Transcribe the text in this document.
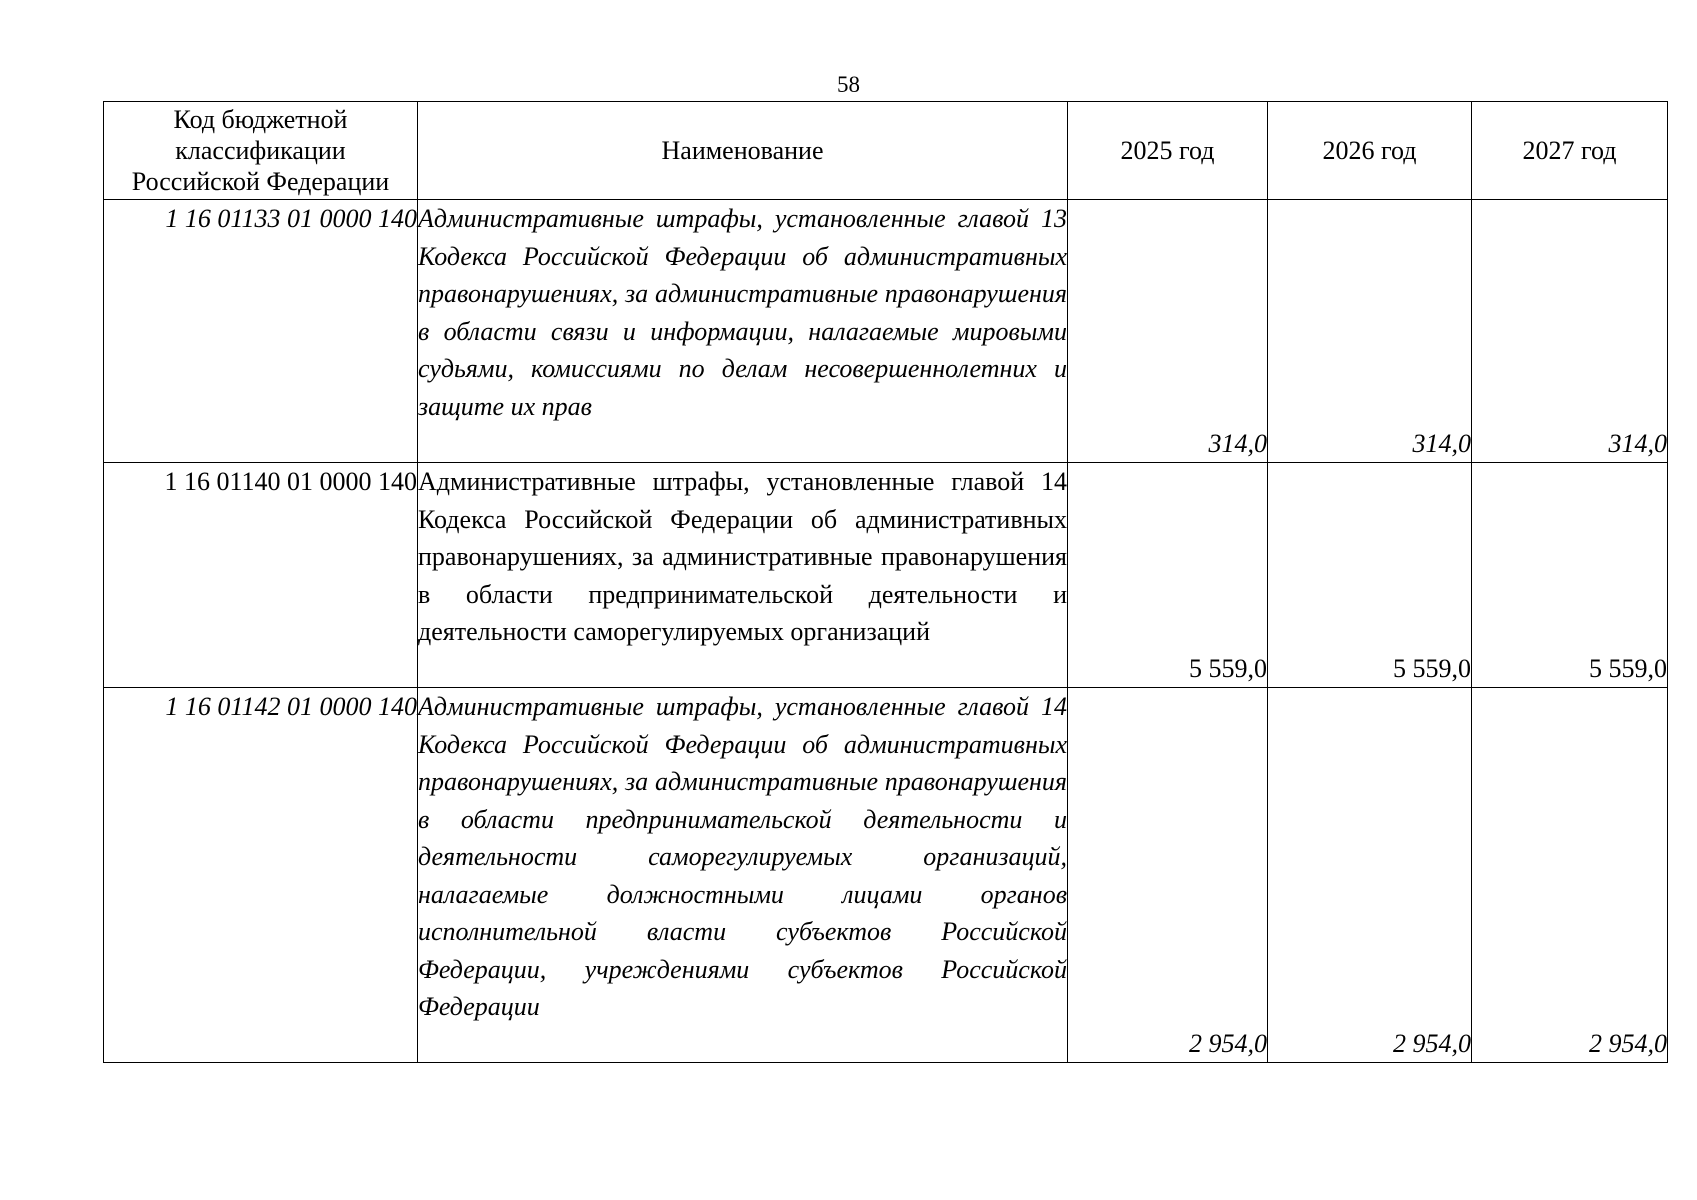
58
Код бюджетной классификации Российской Федерации	Наименование	2025 год	2026 год	2027 год
1 16 01133 01 0000 140	Административные штрафы, установленные главой 13 Кодекса Российской Федерации об административных правонарушениях, за административные правонарушения в области связи и информации, налагаемые мировыми судьями, комиссиями по делам несовершеннолетних и защите их прав	314,0	314,0	314,0
1 16 01140 01 0000 140	Административные штрафы, установленные главой 14 Кодекса Российской Федерации об административных правонарушениях, за административные правонарушения в области предпринимательской деятельности и деятельности саморегулируемых организаций	5 559,0	5 559,0	5 559,0
1 16 01142 01 0000 140	Административные штрафы, установленные главой 14 Кодекса Российской Федерации об административных правонарушениях, за административные правонарушения в области предпринимательской деятельности и деятельности саморегулируемых организаций, налагаемые должностными лицами органов исполнительной власти субъектов Российской Федерации, учреждениями субъектов Российской Федерации	2 954,0	2 954,0	2 954,0
